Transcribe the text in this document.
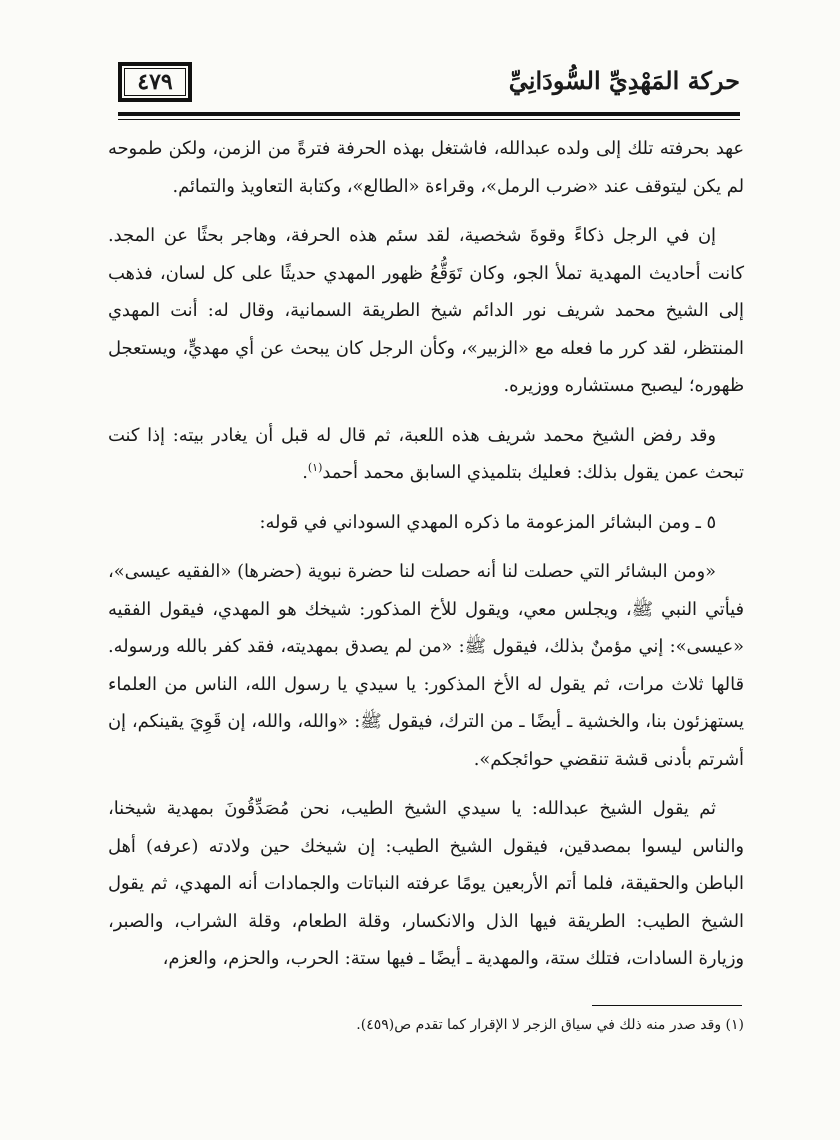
٤٧٩	حركة المَهْدِيِّ السُّودَانِيِّ

عهد بحرفته تلك إلى ولده عبدالله، فاشتغل بهذه الحرفة فترةً من الزمن، ولكن طموحه لم يكن ليتوقف عند «ضرب الرمل»، وقراءة «الطالع»، وكتابة التعاويذ والتمائم.

إن في الرجل ذكاءً وقوةَ شخصية، لقد سئم هذه الحرفة، وهاجر بحثًا عن المجد. كانت أحاديث المهدية تملأ الجو، وكان تَوَقُّعُ ظهور المهدي حديثًا على كل لسان، فذهب إلى الشيخ محمد شريف نور الدائم شيخ الطريقة السمانية، وقال له: أنت المهدي المنتظر، لقد كرر ما فعله مع «الزبير»، وكأن الرجل كان يبحث عن أي مهديٍّ، ويستعجل ظهوره؛ ليصبح مستشاره ووزيره.

وقد رفض الشيخ محمد شريف هذه اللعبة، ثم قال له قبل أن يغادر بيته: إذا كنت تبحث عمن يقول بذلك: فعليك بتلميذي السابق محمد أحمد$^{(١)}$.

٥ ـ ومن البشائر المزعومة ما ذكره المهدي السوداني في قوله:

«ومن البشائر التي حصلت لنا أنه حصلت لنا حضرة نبوية (حضرها) «الفقيه عيسى»، فيأتي النبي ﷺ، ويجلس معي، ويقول للأخ المذكور: شيخك هو المهدي، فيقول الفقيه «عيسى»: إني مؤمنٌ بذلك، فيقول ﷺ: «من لم يصدق بمهديته، فقد كفر بالله ورسوله. قالها ثلاث مرات، ثم يقول له الأخ المذكور: يا سيدي يا رسول الله، الناس من العلماء يستهزئون بنا، والخشية ـ أيضًا ـ من الترك، فيقول ﷺ: «والله، والله، إن قَوِيَ يقينكم، إن أشرتم بأدنى قشة تنقضي حوائجكم».

ثم يقول الشيخ عبدالله: يا سيدي الشيخ الطيب، نحن مُصَدِّقُونَ بمهدية شيخنا، والناس ليسوا بمصدقين، فيقول الشيخ الطيب: إن شيخك حين ولادته (عرفه) أهل الباطن والحقيقة، فلما أتم الأربعين يومًا عرفته النباتات والجمادات أنه المهدي، ثم يقول الشيخ الطيب: الطريقة فيها الذل والانكسار، وقلة الطعام، وقلة الشراب، والصبر، وزيارة السادات، فتلك ستة، والمهدية ـ أيضًا ـ فيها ستة: الحرب، والحزم، والعزم،

(١) وقد صدر منه ذلك في سياق الزجر لا الإقرار كما تقدم ص(٤٥٩).
